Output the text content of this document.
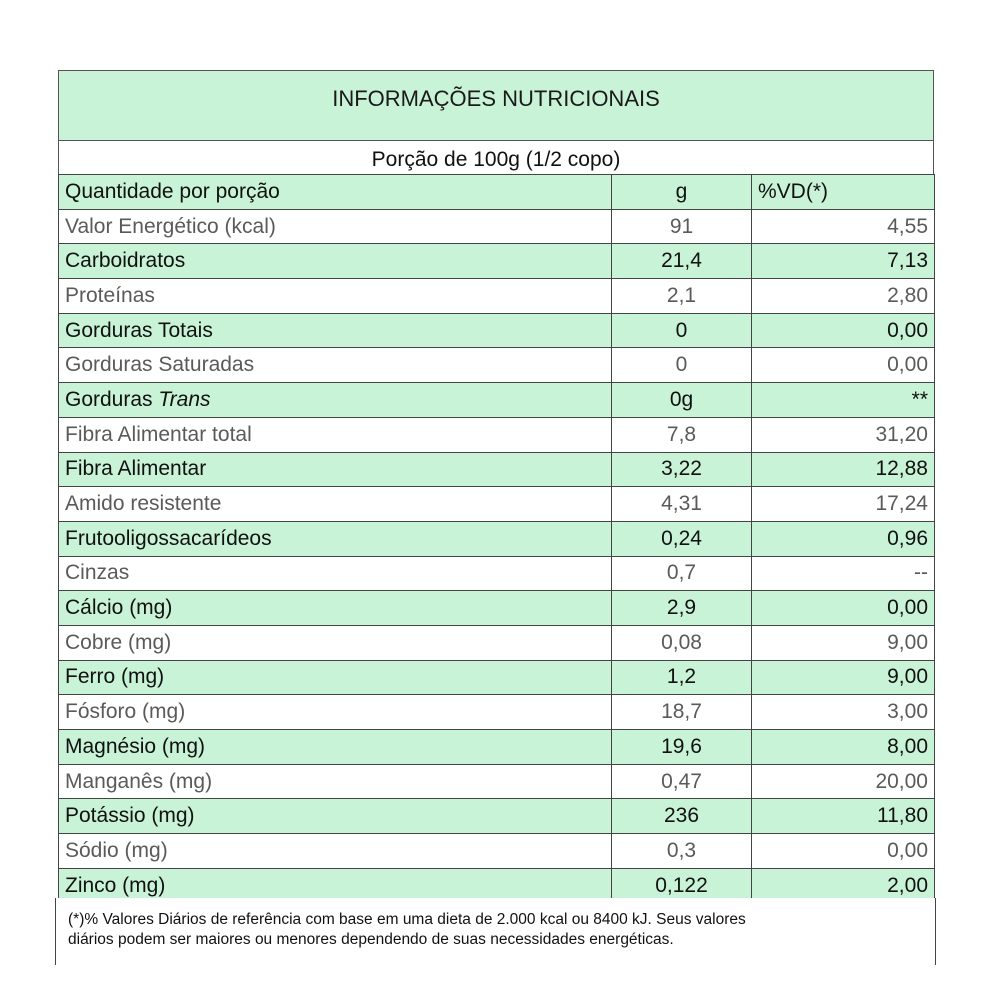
INFORMAÇÕES NUTRICIONAIS
Porção de 100g (1/2 copo)
Quantidade por porção	g	%VD(*)
Valor Energético (kcal)	91	4,55
Carboidratos	21,4	7,13
Proteínas	2,1	2,80
Gorduras Totais	0	0,00
Gorduras Saturadas	0	0,00
Gorduras Trans	0g	**
Fibra Alimentar total	7,8	31,20
Fibra Alimentar	3,22	12,88
Amido resistente	4,31	17,24
Frutooligossacarídeos	0,24	0,96
Cinzas	0,7	--
Cálcio (mg)	2,9	0,00
Cobre (mg)	0,08	9,00
Ferro (mg)	1,2	9,00
Fósforo (mg)	18,7	3,00
Magnésio (mg)	19,6	8,00
Manganês (mg)	0,47	20,00
Potássio (mg)	236	11,80
Sódio (mg)	0,3	0,00
Zinco (mg)	0,122	2,00
(*)% Valores Diários de referência com base em uma dieta de 2.000 kcal ou 8400 kJ. Seus valores
diários podem ser maiores ou menores dependendo de suas necessidades energéticas.
